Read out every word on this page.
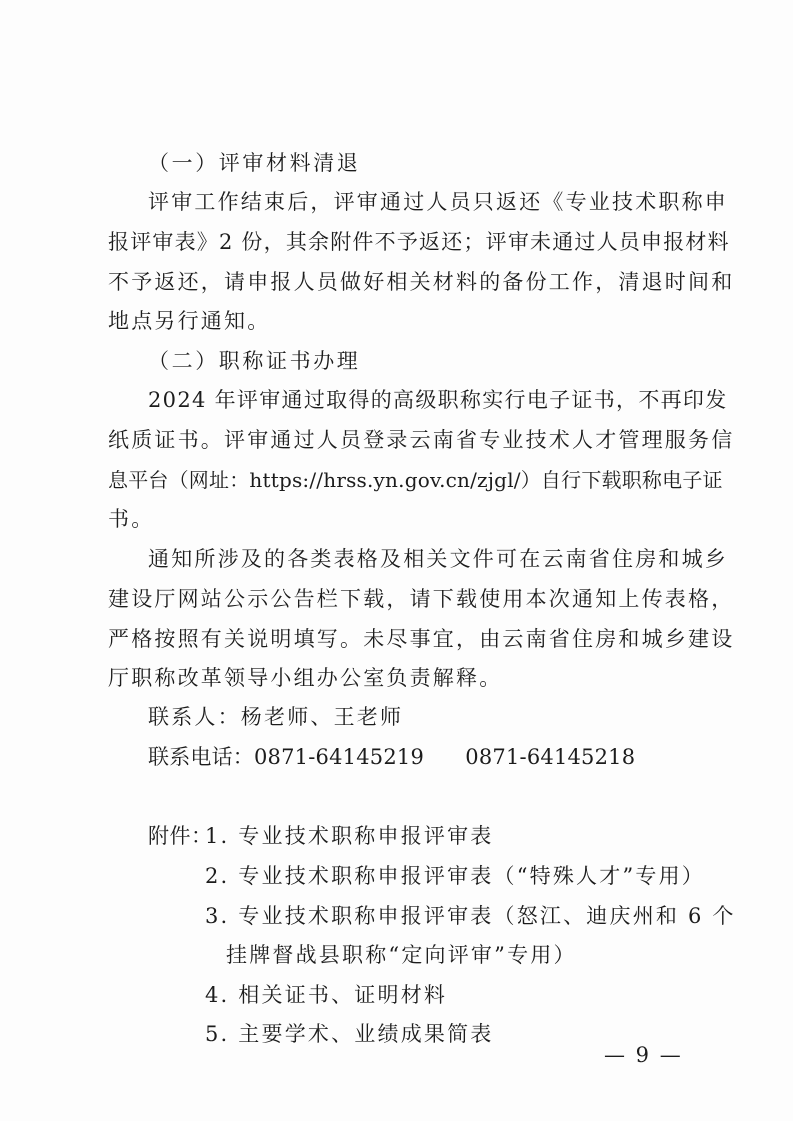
（一）评审材料清退
评审工作结束后，评审通过人员只返还《专业技术职称申
报评审表》2 份，其余附件不予返还；评审未通过人员申报材料
不予返还，请申报人员做好相关材料的备份工作，清退时间和
地点另行通知。
（二）职称证书办理
2024 年评审通过取得的高级职称实行电子证书，不再印发
纸质证书。评审通过人员登录云南省专业技术人才管理服务信
息平台（网址：https://hrss.yn.gov.cn/zjgl/）自行下载职称电子证
书。
通知所涉及的各类表格及相关文件可在云南省住房和城乡
建设厅网站公示公告栏下载，请下载使用本次通知上传表格，
严格按照有关说明填写。未尽事宜，由云南省住房和城乡建设
厅职称改革领导小组办公室负责解释。
联系人：杨老师、王老师
联系电话：0871-64145219      0871-64145218
附件：
1. 专业技术职称申报评审表
2. 专业技术职称申报评审表（“特殊人才”专用）
3. 专业技术职称申报评审表（怒江、迪庆州和 6 个
挂牌督战县职称“定向评审”专用）
4. 相关证书、证明材料
5. 主要学术、业绩成果简表
— 9 —
